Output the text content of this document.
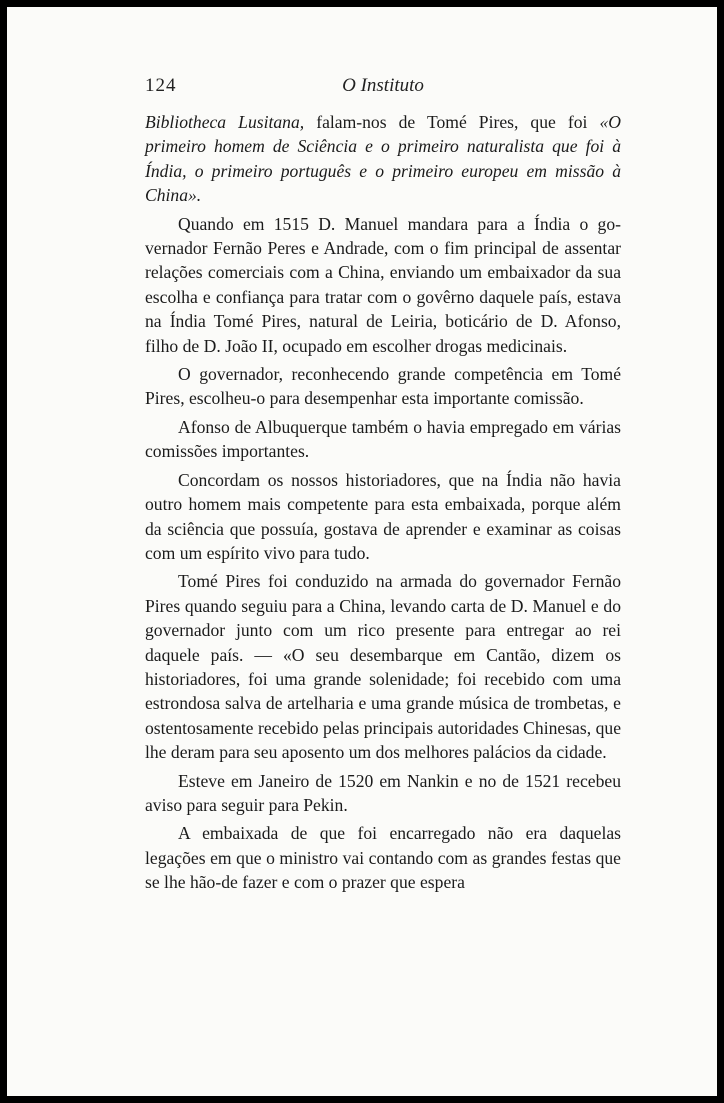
124	O Instituto

Bibliotheca Lusitana, falam-nos de Tomé Pires, que foi «O primeiro homem de Sciência e o primeiro naturalista que foi à Índia, o primeiro português e o primeiro europeu em missão à China».

Quando em 1515 D. Manuel mandara para a Índia o governador Fernão Peres e Andrade, com o fim principal de assentar relações comerciais com a China, enviando um embaixador da sua escolha e confiança para tratar com o govêrno daquele país, estava na Índia Tomé Pires, natural de Leiria, boticário de D. Afonso, filho de D. João II, ocupado em escolher drogas medicinais.

O governador, reconhecendo grande competência em Tomé Pires, escolheu-o para desempenhar esta importante comissão.

Afonso de Albuquerque também o havia empregado em várias comissões importantes.

Concordam os nossos historiadores, que na Índia não havia outro homem mais competente para esta embaixada, porque além da sciência que possuía, gostava de aprender e examinar as coisas com um espírito vivo para tudo.

Tomé Pires foi conduzido na armada do governador Fernão Pires quando seguiu para a China, levando carta de D. Manuel e do governador junto com um rico presente para entregar ao rei daquele país. — «O seu desembarque em Cantão, dizem os historiadores, foi uma grande solenidade; foi recebido com uma estrondosa salva de artelharia e uma grande música de trombetas, e ostentosamente recebido pelas principais autoridades Chinesas, que lhe deram para seu aposento um dos melhores palácios da cidade.

Esteve em Janeiro de 1520 em Nankin e no de 1521 recebeu aviso para seguir para Pekin.

A embaixada de que foi encarregado não era daquelas legações em que o ministro vai contando com as grandes festas que se lhe hão-de fazer e com o prazer que espera
